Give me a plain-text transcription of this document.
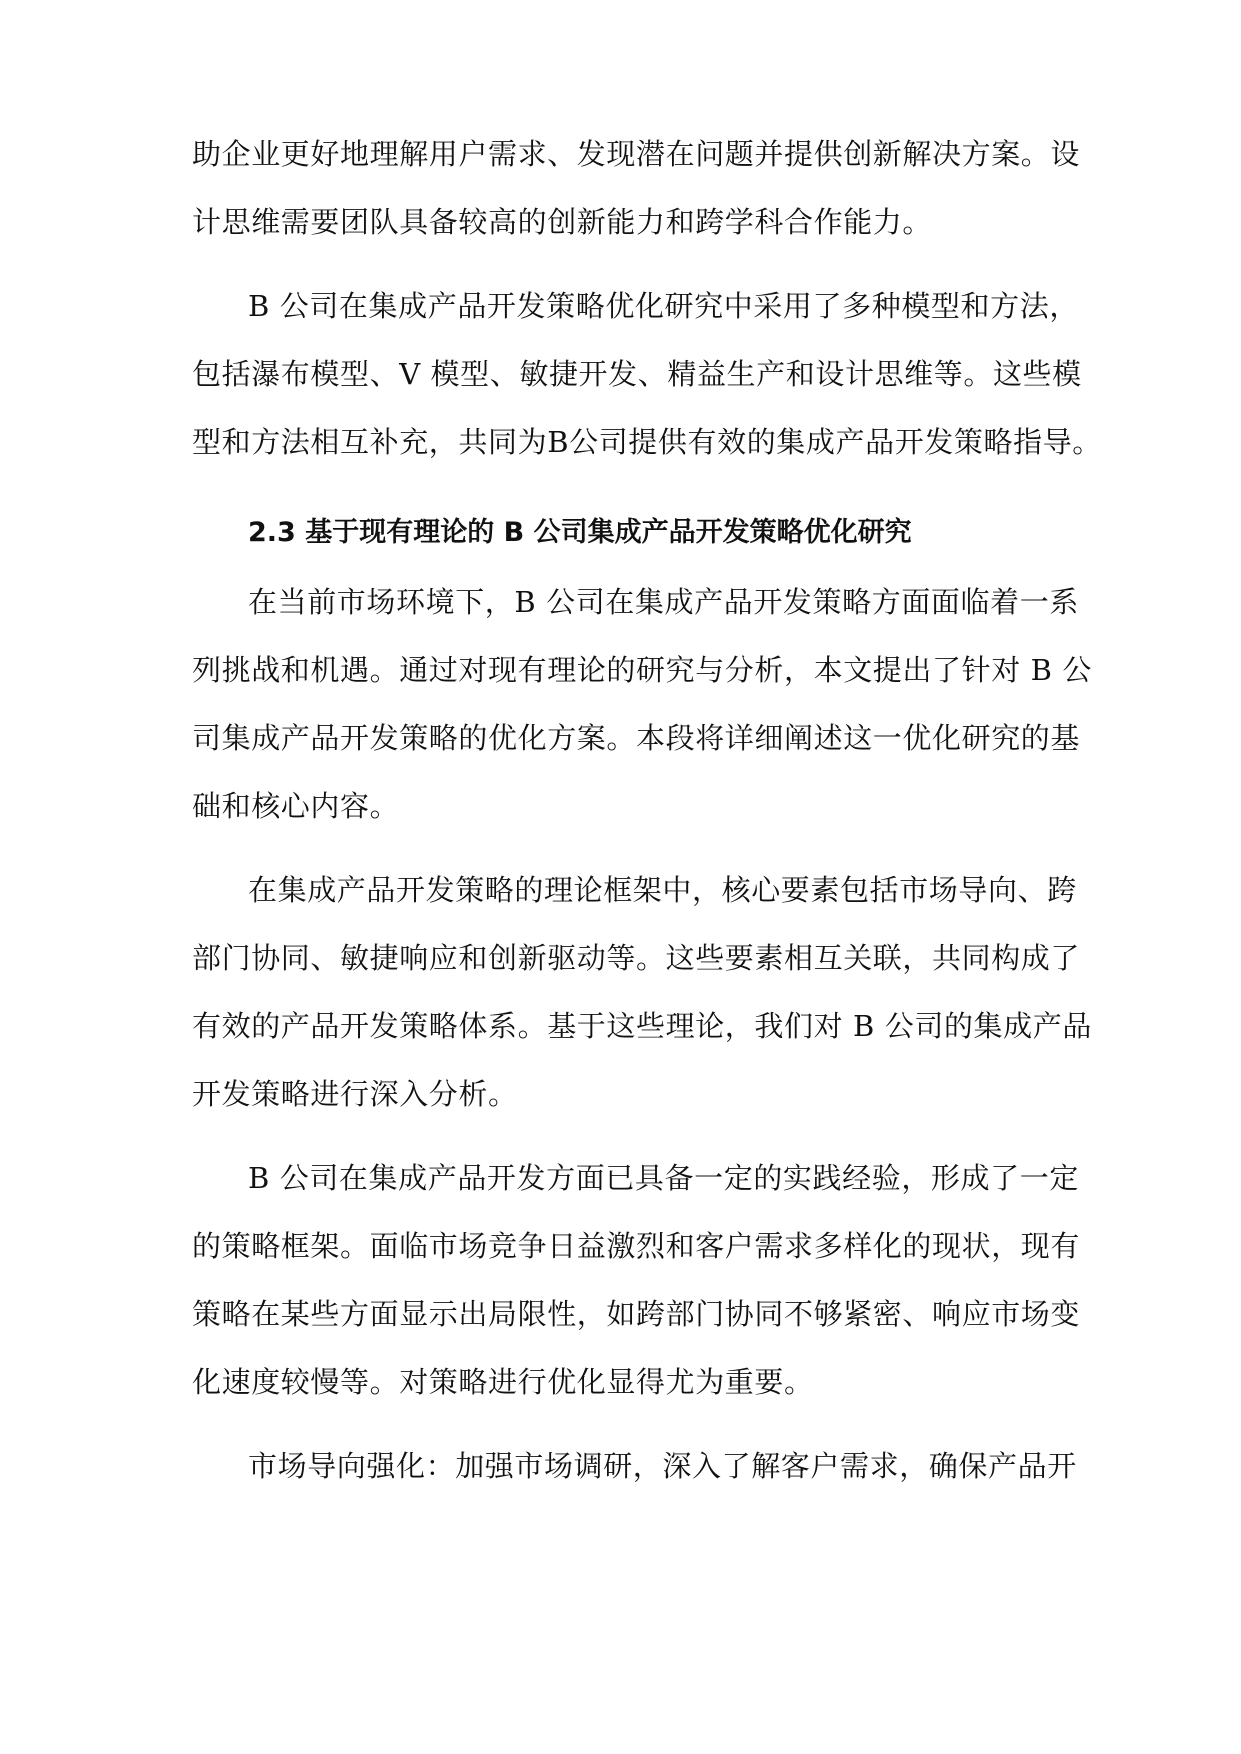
助企业更好地理解用户需求、发现潜在问题并提供创新解决方案。设
计思维需要团队具备较高的创新能力和跨学科合作能力。
B 公司在集成产品开发策略优化研究中采用了多种模型和方法，
包括瀑布模型、V 模型、敏捷开发、精益生产和设计思维等。这些模
型和方法相互补充，共同为B公司提供有效的集成产品开发策略指导。
2.3 基于现有理论的 B 公司集成产品开发策略优化研究
在当前市场环境下，B 公司在集成产品开发策略方面面临着一系
列挑战和机遇。通过对现有理论的研究与分析，本文提出了针对 B 公
司集成产品开发策略的优化方案。本段将详细阐述这一优化研究的基
础和核心内容。
在集成产品开发策略的理论框架中，核心要素包括市场导向、跨
部门协同、敏捷响应和创新驱动等。这些要素相互关联，共同构成了
有效的产品开发策略体系。基于这些理论，我们对 B 公司的集成产品
开发策略进行深入分析。
B 公司在集成产品开发方面已具备一定的实践经验，形成了一定
的策略框架。面临市场竞争日益激烈和客户需求多样化的现状，现有
策略在某些方面显示出局限性，如跨部门协同不够紧密、响应市场变
化速度较慢等。对策略进行优化显得尤为重要。
市场导向强化：加强市场调研，深入了解客户需求，确保产品开
